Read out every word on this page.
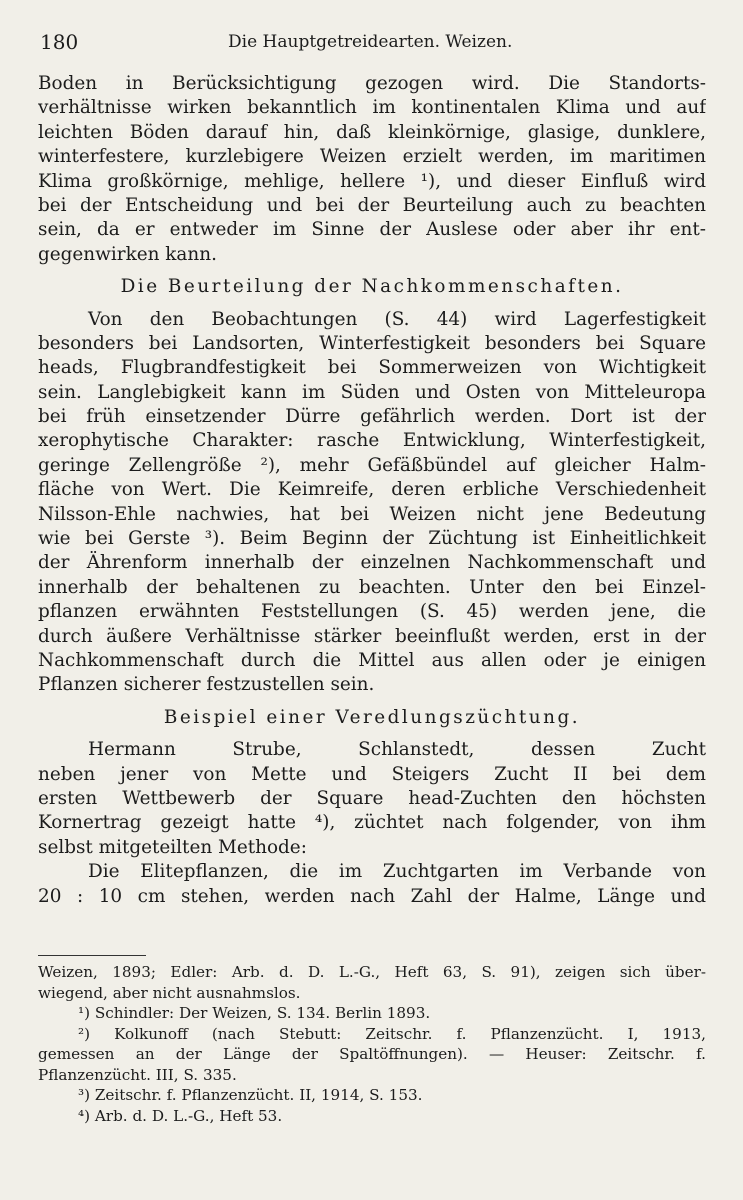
180	Die Hauptgetreidearten. Weizen.
Boden in Berücksichtigung gezogen wird. Die Standorts-
verhältnisse wirken bekanntlich im kontinentalen Klima und auf
leichten Böden darauf hin, daß kleinkörnige, glasige, dunklere,
winterfestere, kurzlebigere Weizen erzielt werden, im maritimen
Klima großkörnige, mehlige, hellere ¹), und dieser Einfluß wird
bei der Entscheidung und bei der Beurteilung auch zu beachten
sein, da er entweder im Sinne der Auslese oder aber ihr ent-
gegenwirken kann.
Die Beurteilung der Nachkommenschaften.
Von den Beobachtungen (S. 44) wird Lagerfestigkeit
besonders bei Landsorten, Winterfestigkeit besonders bei Square
heads, Flugbrandfestigkeit bei Sommerweizen von Wichtigkeit
sein. Langlebigkeit kann im Süden und Osten von Mitteleuropa
bei früh einsetzender Dürre gefährlich werden. Dort ist der
xerophytische Charakter: rasche Entwicklung, Winterfestigkeit,
geringe Zellengröße ²), mehr Gefäßbündel auf gleicher Halm-
fläche von Wert. Die Keimreife, deren erbliche Verschiedenheit
Nilsson-Ehle nachwies, hat bei Weizen nicht jene Bedeutung
wie bei Gerste ³). Beim Beginn der Züchtung ist Einheitlichkeit
der Ährenform innerhalb der einzelnen Nachkommenschaft und
innerhalb der behaltenen zu beachten. Unter den bei Einzel-
pflanzen erwähnten Feststellungen (S. 45) werden jene, die
durch äußere Verhältnisse stärker beeinflußt werden, erst in der
Nachkommenschaft durch die Mittel aus allen oder je einigen
Pflanzen sicherer festzustellen sein.
Beispiel einer Veredlungszüchtung.
Hermann Strube, Schlanstedt, dessen Zucht
neben jener von Mette und Steigers Zucht II bei dem
ersten Wettbewerb der Square head-Zuchten den höchsten
Kornertrag gezeigt hatte ⁴), züchtet nach folgender, von ihm
selbst mitgeteilten Methode:
Die Elitepflanzen, die im Zuchtgarten im Verbande von
20 : 10 cm stehen, werden nach Zahl der Halme, Länge und
Weizen, 1893; Edler: Arb. d. D. L.-G., Heft 63, S. 91), zeigen sich über-
wiegend, aber nicht ausnahmslos.
¹) Schindler: Der Weizen, S. 134. Berlin 1893.
²) Kolkunoff (nach Stebutt: Zeitschr. f. Pflanzenzücht. I, 1913,
gemessen an der Länge der Spaltöffnungen). — Heuser: Zeitschr. f.
Pflanzenzücht. III, S. 335.
³) Zeitschr. f. Pflanzenzücht. II, 1914, S. 153.
⁴) Arb. d. D. L.-G., Heft 53.
